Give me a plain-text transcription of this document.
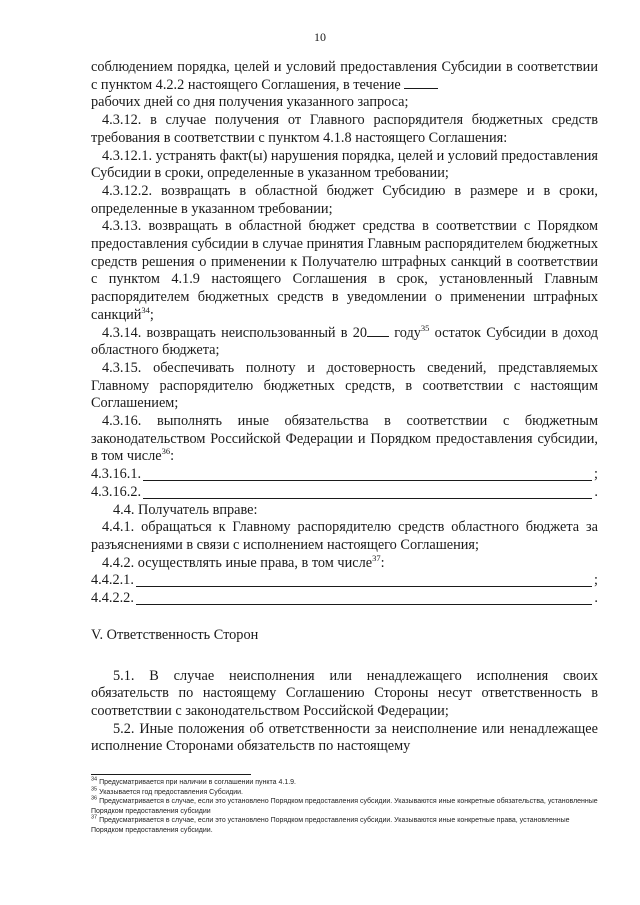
10

соблюдением порядка, целей и условий предоставления Субсидии в соответствии с пунктом 4.2.2 настоящего Соглашения, в течение
рабочих дней со дня получения указанного запроса;

4.3.12. в случае получения от Главного распорядителя бюджетных средств требования в соответствии с пунктом 4.1.8 настоящего Соглашения:

4.3.12.1. устранять факт(ы) нарушения порядка, целей и условий предоставления Субсидии в сроки, определенные в указанном требовании;

4.3.12.2. возвращать в областной бюджет Субсидию в размере и в сроки, определенные в указанном требовании;

4.3.13. возвращать в областной бюджет средства в соответствии с Порядком предоставления субсидии в случае принятия Главным распорядителем бюджетных средств решения о применении к Получателю штрафных санкций в соответствии с пунктом 4.1.9 настоящего Соглашения в срок, установленный Главным распорядителем бюджетных средств в уведомлении о применении штрафных санкций$^{34}$;

4.3.14. возвращать неиспользованный в 20 году$^{35}$ остаток Субсидии в доход областного бюджета;

4.3.15. обеспечивать полноту и достоверность сведений, представляемых Главному распорядителю бюджетных средств, в соответствии с настоящим Соглашением;

4.3.16. выполнять иные обязательства в соответствии с бюджетным законодательством Российской Федерации и Порядком предоставления субсидии, в том числе$^{36}$:

4.3.16.1.	;
4.3.16.2.	.

4.4. Получатель вправе:

4.4.1. обращаться к Главному распорядителю средств областного бюджета за разъяснениями в связи с исполнением настоящего Соглашения;

4.4.2. осуществлять иные права, в том числе$^{37}$:

4.4.2.1.	;
4.4.2.2.	.

V. Ответственность Сторон

5.1. В случае неисполнения или ненадлежащего исполнения своих обязательств по настоящему Соглашению Стороны несут ответственность в соответствии с законодательством Российской Федерации;

5.2. Иные положения об ответственности за неисполнение или ненадлежащее исполнение Сторонами обязательств по настоящему

$^{34}$ Предусматривается при наличии в соглашении пункта 4.1.9.

$^{35}$ Указывается год предоставления Субсидии.

$^{36}$ Предусматривается в случае, если это установлено Порядком предоставления субсидии. Указываются иные конкретные обязательства, установленные Порядком предоставления субсидии

$^{37}$ Предусматривается в случае, если это установлено Порядком предоставления субсидии. Указываются иные конкретные права, установленные Порядком предоставления субсидии.
